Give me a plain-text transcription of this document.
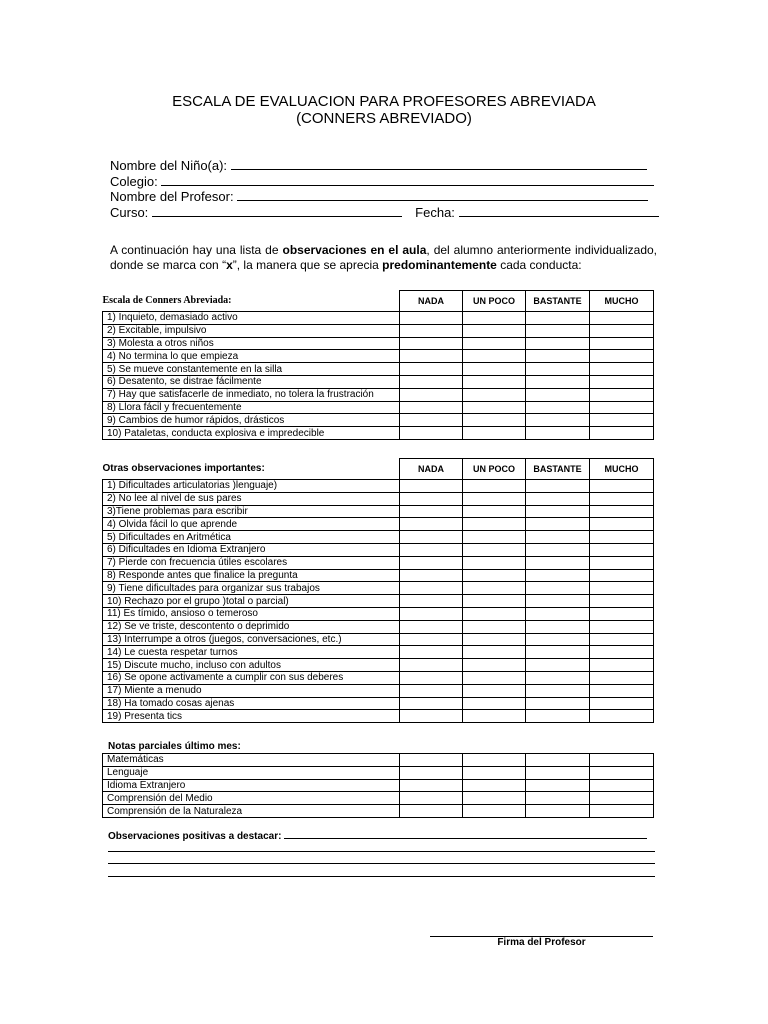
ESCALA DE EVALUACION PARA PROFESORES ABREVIADA
(CONNERS ABREVIADO)
Nombre del Niño(a):
Colegio:
Nombre del Profesor:
Curso:	Fecha:
A continuación hay una lista de observaciones en el aula, del alumno anteriormente individualizado, donde se marca con “x”, la manera que se aprecia predominantemente cada conducta:
Escala de Conners Abreviada:	NADA	UN POCO	BASTANTE	MUCHO
1) Inquieto, demasiado activo				
2) Excitable, impulsivo				
3) Molesta a otros niños				
4) No termina lo que empieza				
5) Se mueve constantemente en la silla				
6) Desatento, se distrae fácilmente				
7) Hay que satisfacerle de inmediato, no tolera la frustración				
8) Llora fácil y frecuentemente				
9) Cambios de humor rápidos, drásticos				
10) Pataletas, conducta explosiva e impredecible				
Otras observaciones importantes:	NADA	UN POCO	BASTANTE	MUCHO
1) Dificultades articulatorias )lenguaje)				
2) No lee al nivel de sus pares				
3)Tiene problemas para escribir				
4) Olvida fácil lo que aprende				
5) Dificultades en Aritmética				
6) Dificultades en Idioma Extranjero				
7) Pierde con frecuencia útiles escolares				
8) Responde antes que finalice la pregunta				
9) Tiene dificultades para organizar sus trabajos				
10) Rechazo por el grupo )total o parcial)				
11) Es tímido, ansioso o temeroso				
12) Se ve triste, descontento o deprimido				
13) Interrumpe a otros (juegos, conversaciones, etc.)				
14) Le cuesta respetar turnos				
15) Discute mucho, incluso con adultos				
16) Se opone activamente a cumplir con sus deberes				
17) Miente a menudo				
18) Ha tomado cosas ajenas				
19) Presenta tics				
Notas parciales último mes:
Matemáticas				
Lenguaje				
Idioma Extranjero				
Comprensión del Medio				
Comprensión de la Naturaleza				
Observaciones positivas a destacar:
Firma del Profesor
